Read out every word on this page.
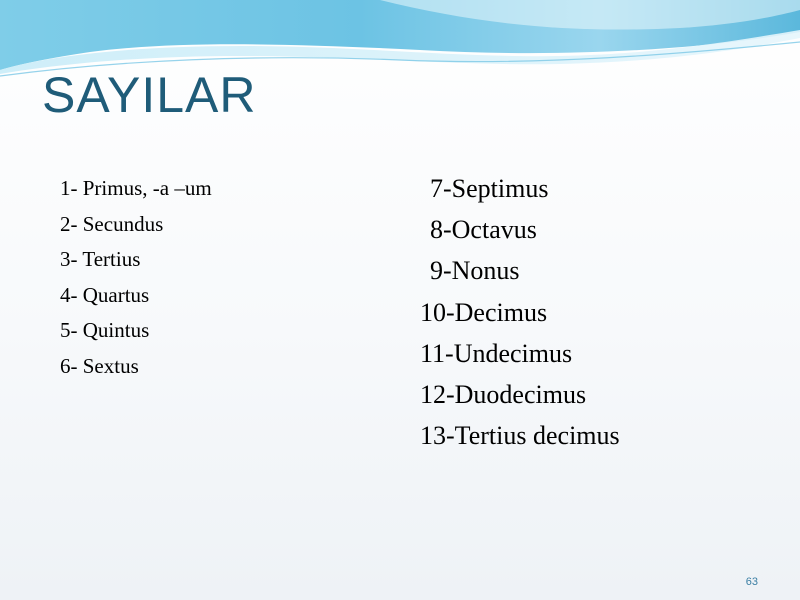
SAYILAR
1- Primus, -a –um
2- Secundus
3- Tertius
4- Quartus
5- Quintus
6- Sextus
7-Septimus
8-Octavus
9-Nonus
10-Decimus
11-Undecimus
12-Duodecimus
13-Tertius decimus
63
